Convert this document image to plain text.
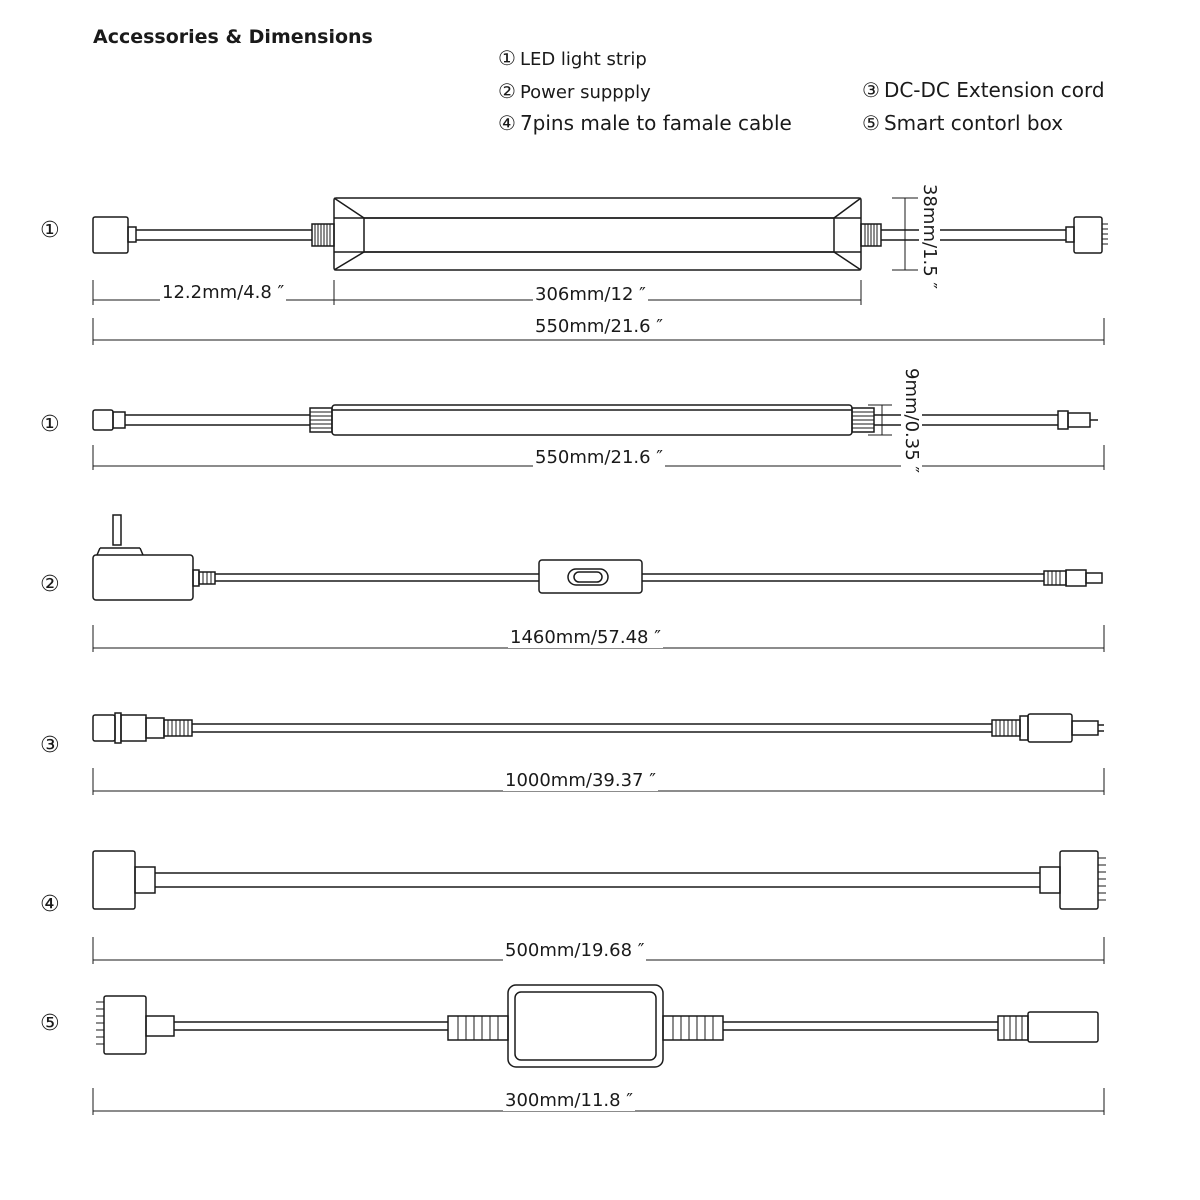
Accessories & Dimensions
① LED light strip
② Power suppply	③ DC-DC Extension cord
④ 7pins male to famale cable	⑤ Smart contorl box
①
①
②
③
④
⑤
12.2mm/4.8 ″	306mm/12 ″
550mm/21.6 ″
38mm/1.5 ″
550mm/21.6 ″	9mm/0.35 ″
1460mm/57.48 ″
1000mm/39.37 ″
500mm/19.68 ″
300mm/11.8 ″
